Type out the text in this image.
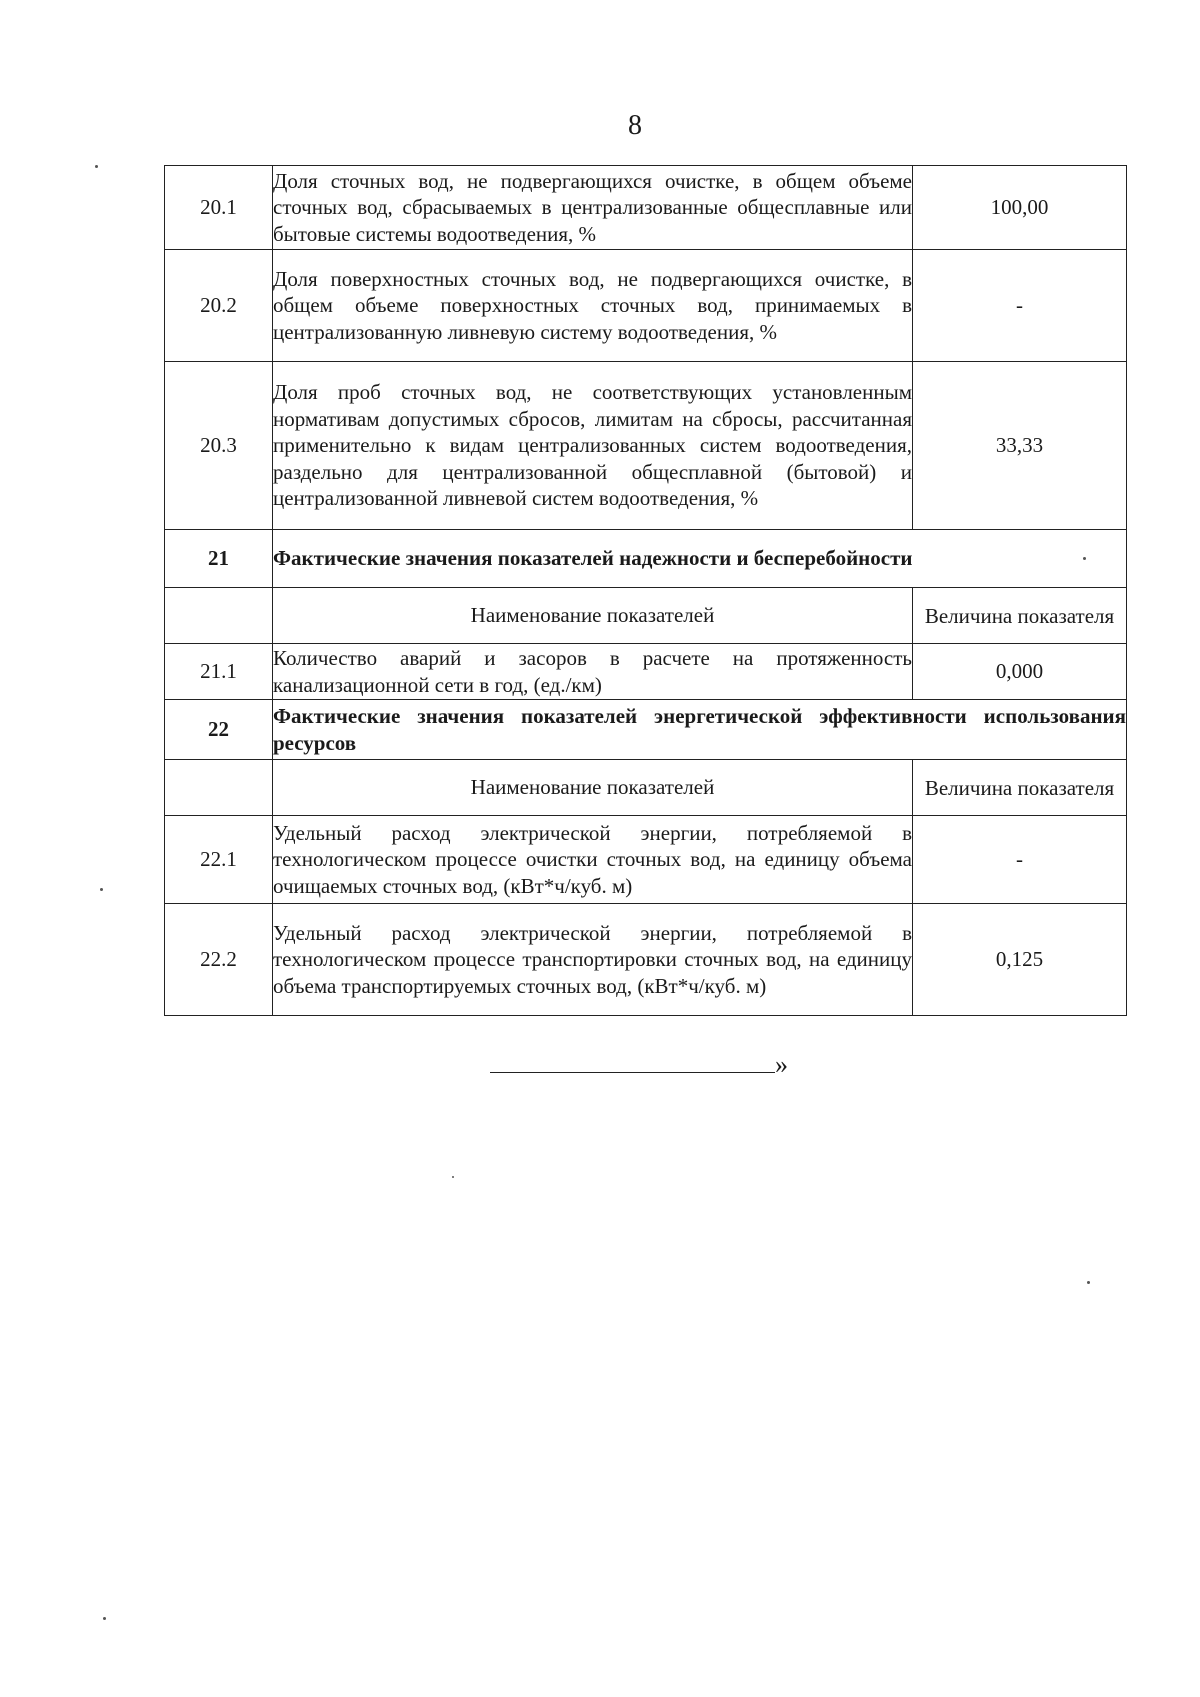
8
20.1	Доля сточных вод, не подвергающихся очистке, в общем объеме сточных вод, сбрасываемых в централизованные общесплавные или бытовые системы водоотведения, %	100,00
20.2	Доля поверхностных сточных вод, не подвергающихся очистке, в общем объеме поверхностных сточных вод, принимаемых в централизованную ливневую систему водоотведения, %	-
20.3	Доля проб сточных вод, не соответствующих установленным нормативам допустимых сбросов, лимитам на сбросы, рассчитанная применительно к видам централизованных систем водоотведения, раздельно для централизованной общесплавной (бытовой) и централизованной ливневой систем водоотведения, %	33,33
21	Фактические значения показателей надежности и бесперебойности	
	Наименование показателей	Величина показателя
21.1	Количество аварий и засоров в расчете на протяженность канализационной сети в год, (ед./км)	0,000
22	Фактические значения показателей энергетической эффективности использования ресурсов	
	Наименование показателей	Величина показателя
22.1	Удельный расход электрической энергии, потребляемой в технологическом процессе очистки сточных вод, на единицу объема очищаемых сточных вод, (кВт*ч/куб. м)	-
22.2	Удельный расход электрической энергии, потребляемой в технологическом процессе транспортировки сточных вод, на единицу объема транспортируемых сточных вод, (кВт*ч/куб. м)	0,125
»
